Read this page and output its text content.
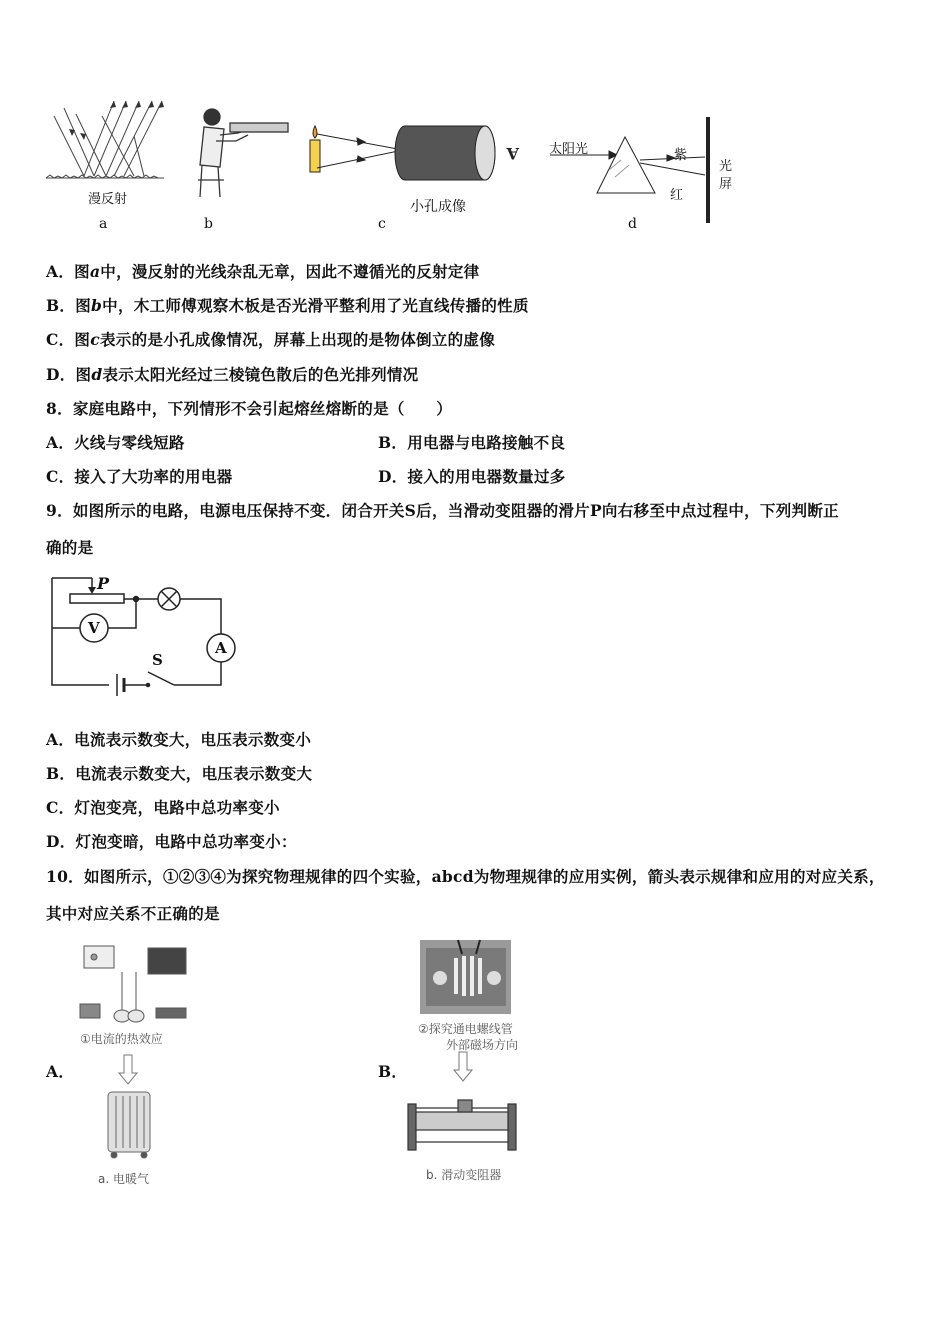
漫反射
a	b
A
小孔成像
c
太阳光	紫
红
光
屏
d
A．图a中，漫反射的光线杂乱无章，因此不遵循光的反射定律
B．图b中，木工师傅观察木板是否光滑平整利用了光直线传播的性质
C．图c表示的是小孔成像情况，屏幕上出现的是物体倒立的虚像
D．图d表示太阳光经过三棱镜色散后的色光排列情况
8．家庭电路中，下列情形不会引起熔丝熔断的是（　　）
A．火线与零线短路	B．用电器与电路接触不良
C．接入了大功率的用电器	D．接入的用电器数量过多
9．如图所示的电路，电源电压保持不变．闭合开关S后，当滑动变阻器的滑片P向右移至中点过程中，下列判断正
确的是
P
V
A
S
A．电流表示数变大，电压表示数变小
B．电流表示数变大，电压表示数变大
C．灯泡变亮，电路中总功率变小
D．灯泡变暗，电路中总功率变小：
10．如图所示，①②③④为探究物理规律的四个实验，abcd为物理规律的应用实例，箭头表示规律和应用的对应关系，
其中对应关系不正确的是
A．
①电流的热效应
a. 电暖气
B．
②探究通电螺线管
外部磁场方向
b. 滑动变阻器
